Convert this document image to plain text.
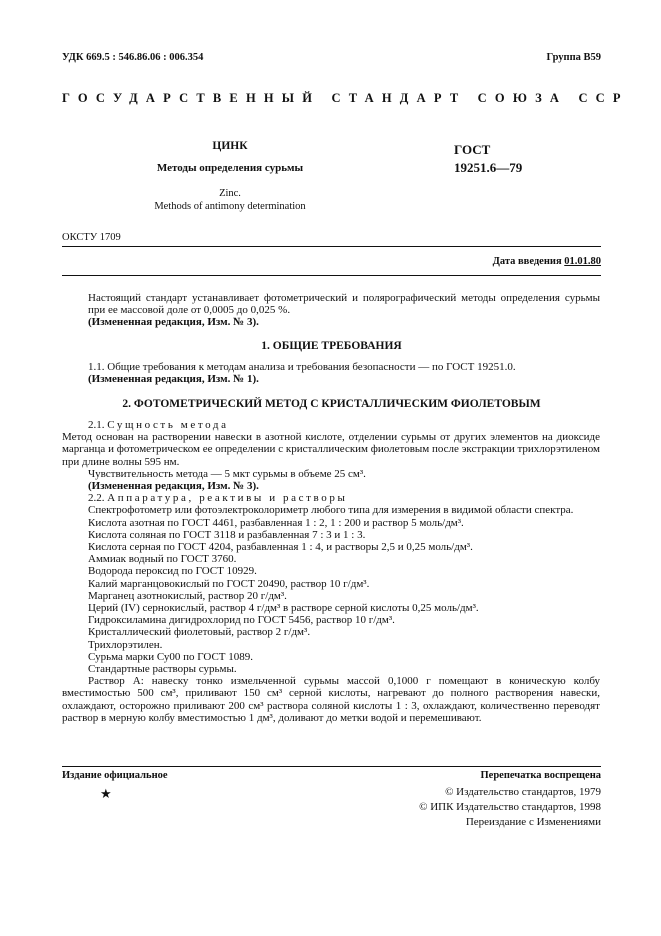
УДК 669.5 : 546.86.06 : 006.354	Группа В59
ГОСУДАРСТВЕННЫЙ СТАНДАРТ СОЮЗА ССР
ЦИНК
Методы определения сурьмы
ГОСТ
19251.6—79
Zinc.
Methods of antimony determination
ОКСТУ 1709
Дата введения 01.01.80

Настоящий стандарт устанавливает фотометрический и полярографический методы определения сурьмы при ее массовой доле от 0,0005 до 0,025 %.

(Измененная редакция, Изм. № 3).

1. ОБЩИЕ ТРЕБОВАНИЯ

1.1. Общие требования к методам анализа и требования безопасности — по ГОСТ 19251.0.

(Измененная редакция, Изм. № 1).

2. ФОТОМЕТРИЧЕСКИЙ МЕТОД С КРИСТАЛЛИЧЕСКИМ ФИОЛЕТОВЫМ

2.1. Сущность метода

Метод основан на растворении навески в азотной кислоте, отделении сурьмы от других элементов на диоксиде марганца и фотометрическом ее определении с кристаллическим фиолетовым после экстракции трихлорэтиленом при длине волны 595 нм.

Чувствительность метода — 5 мкт сурьмы в объеме 25 см³.

(Измененная редакция, Изм. № 3).

2.2. Аппаратура, реактивы и растворы

Спектрофотометр или фотоэлектроколориметр любого типа для измерения в видимой области спектра.

Кислота азотная по ГОСТ 4461, разбавленная 1 : 2, 1 : 200 и раствор 5 моль/дм³.

Кислота соляная по ГОСТ 3118 и разбавленная 7 : 3 и 1 : 3.

Кислота серная по ГОСТ 4204, разбавленная 1 : 4, и растворы 2,5 и 0,25 моль/дм³.

Аммиак водный по ГОСТ 3760.

Водорода пероксид по ГОСТ 10929.

Калий марганцовокислый по ГОСТ 20490, раствор 10 г/дм³.

Марганец азотнокислый, раствор 20 г/дм³.

Церий (IV) сернокислый, раствор 4 г/дм³ в растворе серной кислоты 0,25 моль/дм³.

Гидроксиламина дигидрохлорид по ГОСТ 5456, раствор 10 г/дм³.

Кристаллический фиолетовый, раствор 2 г/дм³.

Трихлорэтилен.

Сурьма марки Су00 по ГОСТ 1089.

Стандартные растворы сурьмы.

Раствор А: навеску тонко измельченной сурьмы массой 0,1000 г помещают в коническую колбу вместимостью 500 см³, приливают 150 см³ серной кислоты, нагревают до полного растворения навески, охлаждают, осторожно приливают 200 см³ раствора соляной кислоты 1 : 3, охлаждают, количественно переводят раствор в мерную колбу вместимостью 1 дм³, доливают до метки водой и перемешивают.

Издание официальное
★
Перепечатка воспрещена
© Издательство стандартов, 1979
© ИПК Издательство стандартов, 1998
Переиздание с Изменениями
